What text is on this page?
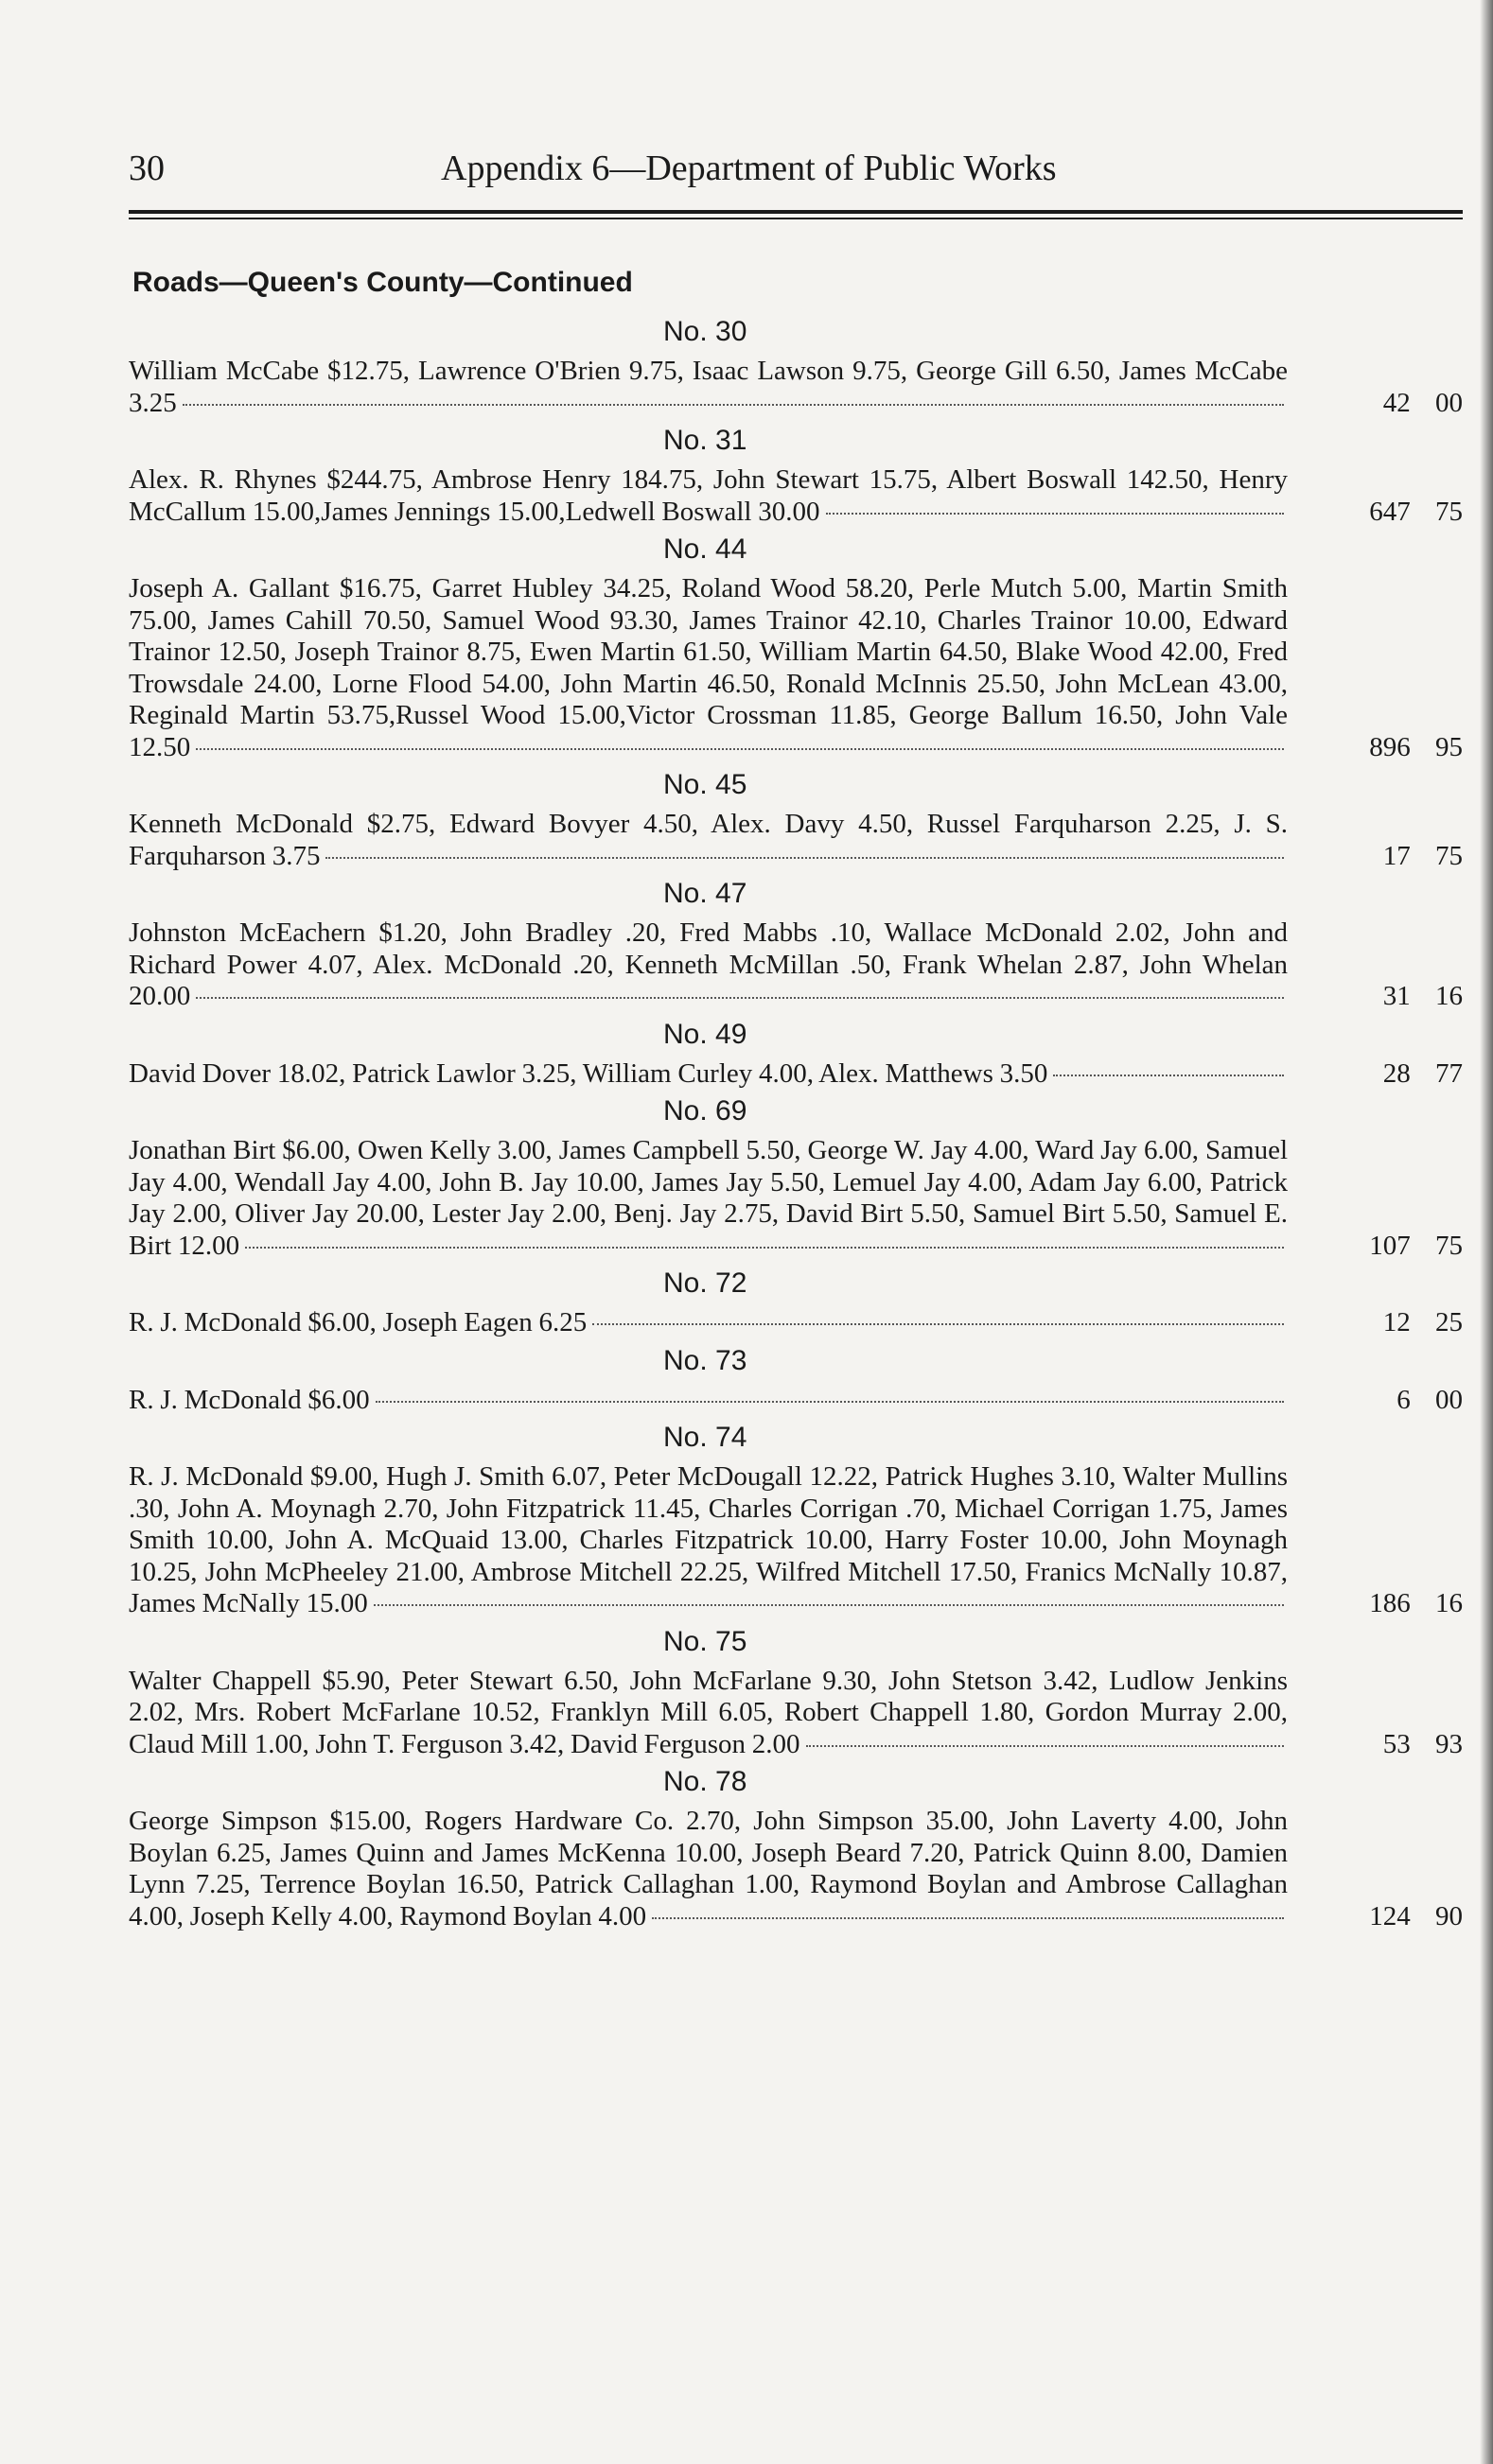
30	Appendix 6—Department of Public Works
Roads—Queen's County—Continued
No. 30
William McCabe $12.75, Lawrence O'Brien 9.75, Isaac Lawson 9.75, George Gill 6.50, James McCabe 3.25	42 00
No. 31
Alex. R. Rhynes $244.75, Ambrose Henry 184.75, John Stewart 15.75, Albert Boswall 142.50, Henry McCallum 15.00,James Jennings 15.00,Ledwell Boswall 30.00	647 75
No. 44
Joseph A. Gallant $16.75, Garret Hubley 34.25, Roland Wood 58.20, Perle Mutch 5.00, Martin Smith 75.00, James Cahill 70.50, Samuel Wood 93.30, James Trainor 42.10, Charles Trainor 10.00, Edward Trainor 12.50, Joseph Trainor 8.75, Ewen Martin 61.50, William Martin 64.50, Blake Wood 42.00, Fred Trowsdale 24.00, Lorne Flood 54.00, John Martin 46.50, Ronald McInnis 25.50, John McLean 43.00, Reginald Martin 53.75,Russel Wood 15.00,Victor Crossman 11.85, George Ballum 16.50, John Vale 12.50	896 95
No. 45
Kenneth McDonald $2.75, Edward Bovyer 4.50, Alex. Davy 4.50, Russel Farquharson 2.25, J. S. Farquharson 3.75	17 75
No. 47
Johnston McEachern $1.20, John Bradley .20, Fred Mabbs .10, Wallace McDonald 2.02, John and Richard Power 4.07, Alex. McDonald .20, Kenneth McMillan .50, Frank Whelan 2.87, John Whelan 20.00	31 16
No. 49
David Dover 18.02, Patrick Lawlor 3.25, William Curley 4.00, Alex. Matthews 3.50	28 77
No. 69
Jonathan Birt $6.00, Owen Kelly 3.00, James Campbell 5.50, George W. Jay 4.00, Ward Jay 6.00, Samuel Jay 4.00, Wendall Jay 4.00, John B. Jay 10.00, James Jay 5.50, Lemuel Jay 4.00, Adam Jay 6.00, Patrick Jay 2.00, Oliver Jay 20.00, Lester Jay 2.00, Benj. Jay 2.75, David Birt 5.50, Samuel Birt 5.50, Samuel E. Birt 12.00	107 75
No. 72
R. J. McDonald $6.00, Joseph Eagen 6.25	12 25
No. 73
R. J. McDonald $6.00	6 00
No. 74
R. J. McDonald $9.00, Hugh J. Smith 6.07, Peter McDougall 12.22, Patrick Hughes 3.10, Walter Mullins .30, John A. Moynagh 2.70, John Fitzpatrick 11.45, Charles Corrigan .70, Michael Corrigan 1.75, James Smith 10.00, John A. McQuaid 13.00, Charles Fitzpatrick 10.00, Harry Foster 10.00, John Moynagh 10.25, John McPheeley 21.00, Ambrose Mitchell 22.25, Wilfred Mitchell 17.50, Franics McNally 10.87, James McNally 15.00	186 16
No. 75
Walter Chappell $5.90, Peter Stewart 6.50, John McFarlane 9.30, John Stetson 3.42, Ludlow Jenkins 2.02, Mrs. Robert McFarlane 10.52, Franklyn Mill 6.05, Robert Chappell 1.80, Gordon Murray 2.00, Claud Mill 1.00, John T. Ferguson 3.42, David Ferguson 2.00	53 93
No. 78
George Simpson $15.00, Rogers Hardware Co. 2.70, John Simpson 35.00, John Laverty 4.00, John Boylan 6.25, James Quinn and James McKenna 10.00, Joseph Beard 7.20, Patrick Quinn 8.00, Damien Lynn 7.25, Terrence Boylan 16.50, Patrick Callaghan 1.00, Raymond Boylan and Ambrose Callaghan 4.00, Joseph Kelly 4.00, Raymond Boylan 4.00	124 90
